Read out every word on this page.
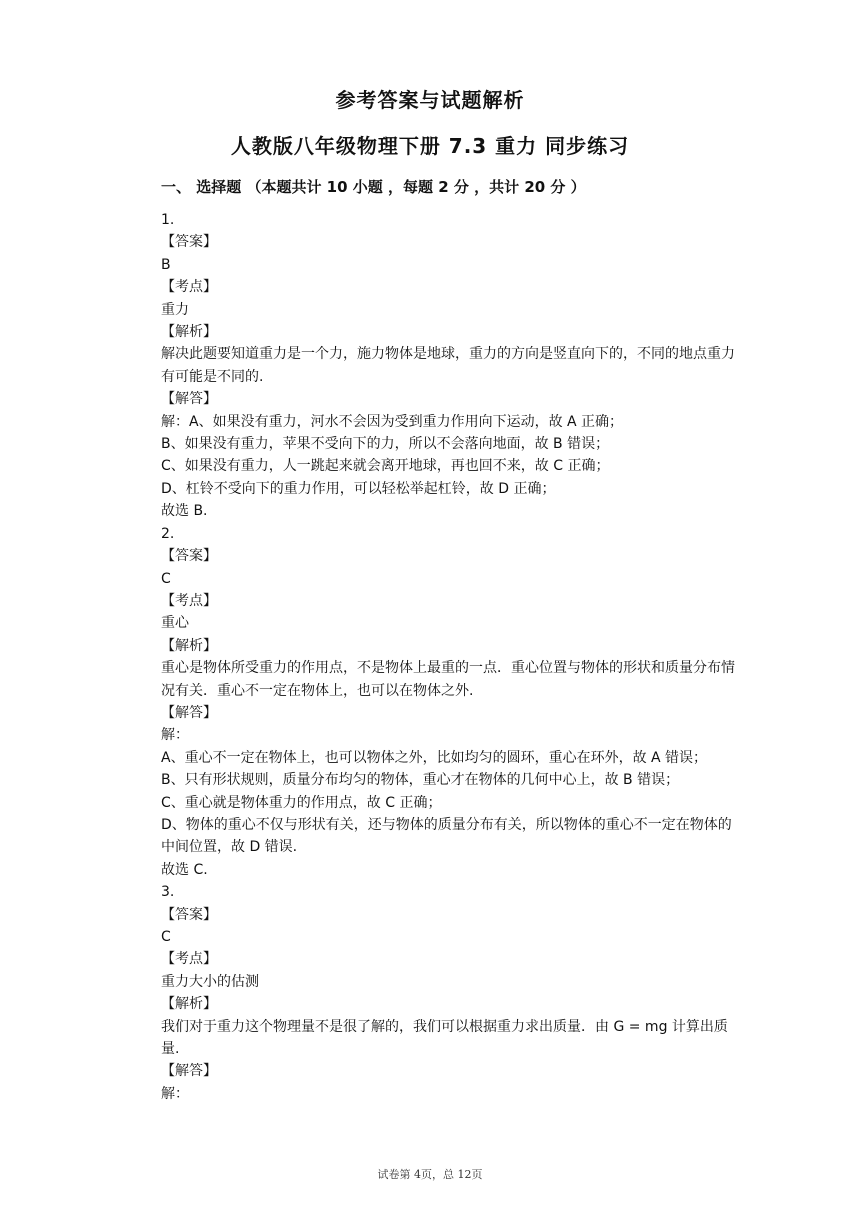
参考答案与试题解析
人教版八年级物理下册 7.3 重力 同步练习
一、 选择题 （本题共计 10 小题 ，每题 2 分 ，共计 20 分 ）
1.
【答案】
B
【考点】
重力
【解析】
解决此题要知道重力是一个力，施力物体是地球，重力的方向是竖直向下的，不同的地点重力有可能是不同的.
【解答】
解：A、如果没有重力，河水不会因为受到重力作用向下运动，故 A 正确；
B、如果没有重力，苹果不受向下的力，所以不会落向地面，故 B 错误；
C、如果没有重力，人一跳起来就会离开地球，再也回不来，故 C 正确；
D、杠铃不受向下的重力作用，可以轻松举起杠铃，故 D 正确；
故选 B.
2.
【答案】
C
【考点】
重心
【解析】
重心是物体所受重力的作用点，不是物体上最重的一点．重心位置与物体的形状和质量分布情况有关．重心不一定在物体上，也可以在物体之外.
【解答】
解：
A、重心不一定在物体上，也可以物体之外，比如均匀的圆环，重心在环外，故 A 错误；
B、只有形状规则，质量分布均匀的物体，重心才在物体的几何中心上，故 B 错误；
C、重心就是物体重力的作用点，故 C 正确；
D、物体的重心不仅与形状有关，还与物体的质量分布有关，所以物体的重心不一定在物体的中间位置，故 D 错误.
故选 C.
3.
【答案】
C
【考点】
重力大小的估测
【解析】
我们对于重力这个物理量不是很了解的，我们可以根据重力求出质量．由 G = mg 计算出质量.
【解答】
解：
试卷第 4页，总 12页
